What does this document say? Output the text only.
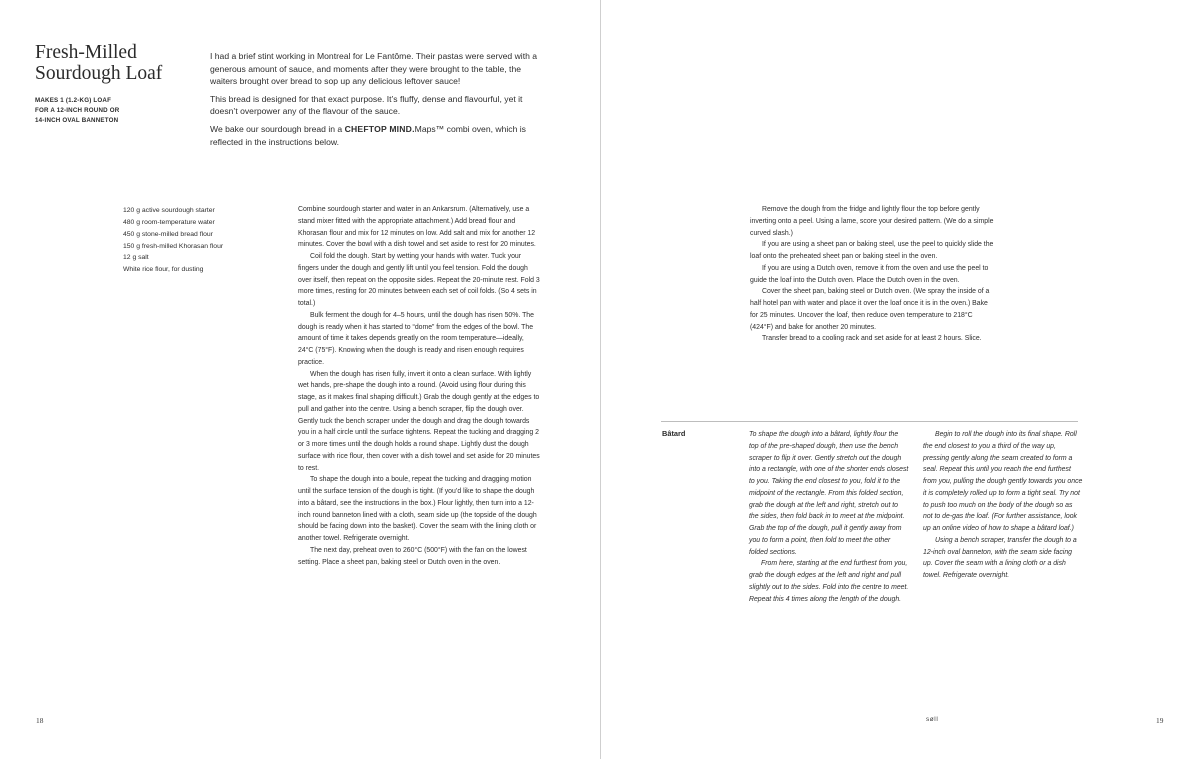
Fresh-Milled
Sourdough Loaf
MAKES 1 (1.2-KG) LOAF
FOR A 12-INCH ROUND OR
14-INCH OVAL BANNETON

I had a brief stint working in Montreal for Le Fantôme. Their pastas were served with a generous amount of sauce, and moments after they were brought to the table, the waiters brought over bread to sop up any delicious leftover sauce!

This bread is designed for that exact purpose. It’s fluffy, dense and flavourful, yet it doesn’t overpower any of the flavour of the sauce.

We bake our sourdough bread in a CHEFTOP MIND.Maps™ combi oven, which is reflected in the instructions below.

120 g active sourdough starter
480 g room-temperature water
450 g stone-milled bread flour
150 g fresh-milled Khorasan flour
12 g salt
White rice flour, for dusting

Combine sourdough starter and water in an Ankarsrum. (Alternatively, use a stand mixer fitted with the appropriate attachment.) Add bread flour and Khorasan flour and mix for 12 minutes on low. Add salt and mix for another 12 minutes. Cover the bowl with a dish towel and set aside to rest for 20 minutes.

Coil fold the dough. Start by wetting your hands with water. Tuck your fingers under the dough and gently lift until you feel tension. Fold the dough over itself, then repeat on the opposite sides. Repeat the 20-minute rest. Fold 3 more times, resting for 20 minutes between each set of coil folds. (So 4 sets in total.)

Bulk ferment the dough for 4–5 hours, until the dough has risen 50%. The dough is ready when it has started to “dome” from the edges of the bowl. The amount of time it takes depends greatly on the room temperature—ideally, 24°C (75°F). Knowing when the dough is ready and risen enough requires practice.

When the dough has risen fully, invert it onto a clean surface. With lightly wet hands, pre-shape the dough into a round. (Avoid using flour during this stage, as it makes final shaping difficult.) Grab the dough gently at the edges to pull and gather into the centre. Using a bench scraper, flip the dough over. Gently tuck the bench scraper under the dough and drag the dough towards you in a half circle until the surface tightens. Repeat the tucking and dragging 2 or 3 more times until the dough holds a round shape. Lightly dust the dough surface with rice flour, then cover with a dish towel and set aside for 20 minutes to rest.

To shape the dough into a boule, repeat the tucking and dragging motion until the surface tension of the dough is tight. (If you’d like to shape the dough into a bâtard, see the instructions in the box.) Flour lightly, then turn into a 12-inch round banneton lined with a cloth, seam side up (the topside of the dough should be facing down into the basket). Cover the seam with the lining cloth or another towel. Refrigerate overnight.

The next day, preheat oven to 260°C (500°F) with the fan on the lowest setting. Place a sheet pan, baking steel or Dutch oven in the oven.

18

Remove the dough from the fridge and lightly flour the top before gently inverting onto a peel. Using a lame, score your desired pattern. (We do a simple curved slash.)

If you are using a sheet pan or baking steel, use the peel to quickly slide the loaf onto the preheated sheet pan or baking steel in the oven.

If you are using a Dutch oven, remove it from the oven and use the peel to guide the loaf into the Dutch oven. Place the Dutch oven in the oven.

Cover the sheet pan, baking steel or Dutch oven. (We spray the inside of a half hotel pan with water and place it over the loaf once it is in the oven.) Bake for 25 minutes. Uncover the loaf, then reduce oven temperature to 218°C (424°F) and bake for another 20 minutes.

Transfer bread to a cooling rack and set aside for at least 2 hours. Slice.

Bâtard	To shape the dough into a bâtard, lightly flour the top of the pre-shaped dough, then use the bench scraper to flip it over. Gently stretch out the dough into a rectangle, with one of the shorter ends closest to you. Taking the end closest to you, fold it to the midpoint of the rectangle. From this folded section, grab the dough at the left and right, stretch out to the sides, then fold back in to meet at the midpoint. Grab the top of the dough, pull it gently away from you to form a point, then fold to meet the other folded sections.

From here, starting at the end furthest from you, grab the dough edges at the left and right and pull slightly out to the sides. Fold into the centre to meet. Repeat this 4 times along the length of the dough.

Begin to roll the dough into its final shape. Roll the end closest to you a third of the way up, pressing gently along the seam created to form a seal. Repeat this until you reach the end furthest from you, pulling the dough gently towards you once it is completely rolled up to form a tight seal. Try not to push too much on the body of the dough so as not to de-gas the loaf. (For further assistance, look up an online video of how to shape a bâtard loaf.)

Using a bench scraper, transfer the dough to a 12-inch oval banneton, with the seam side facing up. Cover the seam with a lining cloth or a dish towel. Refrigerate overnight.

søll	19
